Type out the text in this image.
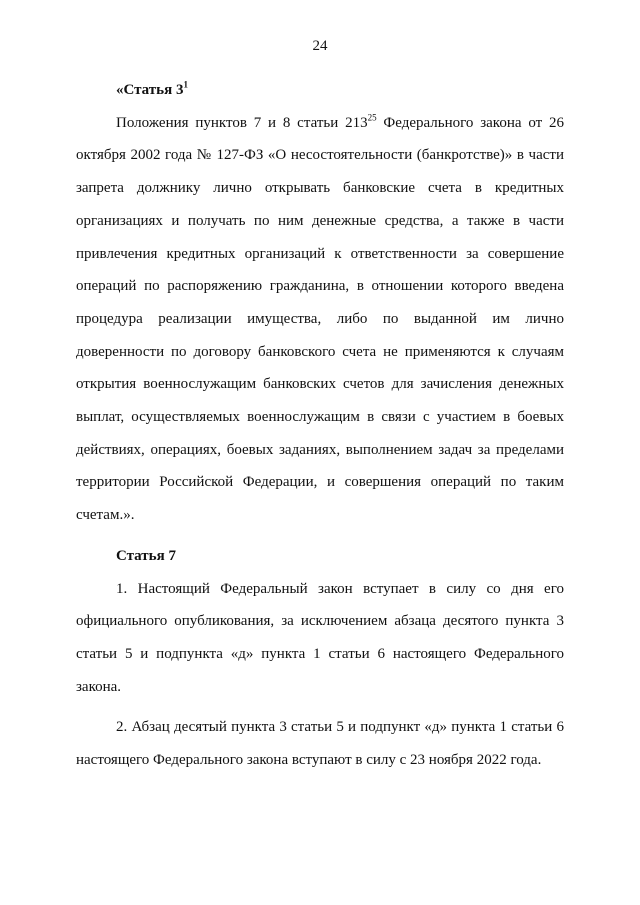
24

«Статья $3^1$

Положения пунктов 7 и 8 статьи $213^{25}$ Федерального закона от 26 октября 2002 года № 127-ФЗ «О несостоятельности (банкротстве)» в части запрета должнику лично открывать банковские счета в кредитных организациях и получать по ним денежные средства, а также в части привлечения кредитных организаций к ответственности за совершение операций по распоряжению гражданина, в отношении которого введена процедура реализации имущества, либо по выданной им лично доверенности по договору банковского счета не применяются к случаям открытия военнослужащим банковских счетов для зачисления денежных выплат, осуществляемых военнослужащим в связи с участием в боевых действиях, операциях, боевых заданиях, выполнением задач за пределами территории Российской Федерации, и совершения операций по таким счетам.».

Статья 7

1. Настоящий Федеральный закон вступает в силу со дня его официального опубликования, за исключением абзаца десятого пункта 3 статьи 5 и подпункта «д» пункта 1 статьи 6 настоящего Федерального закона.

2. Абзац десятый пункта 3 статьи 5 и подпункт «д» пункта 1 статьи 6 настоящего Федерального закона вступают в силу с 23 ноября 2022 года.
